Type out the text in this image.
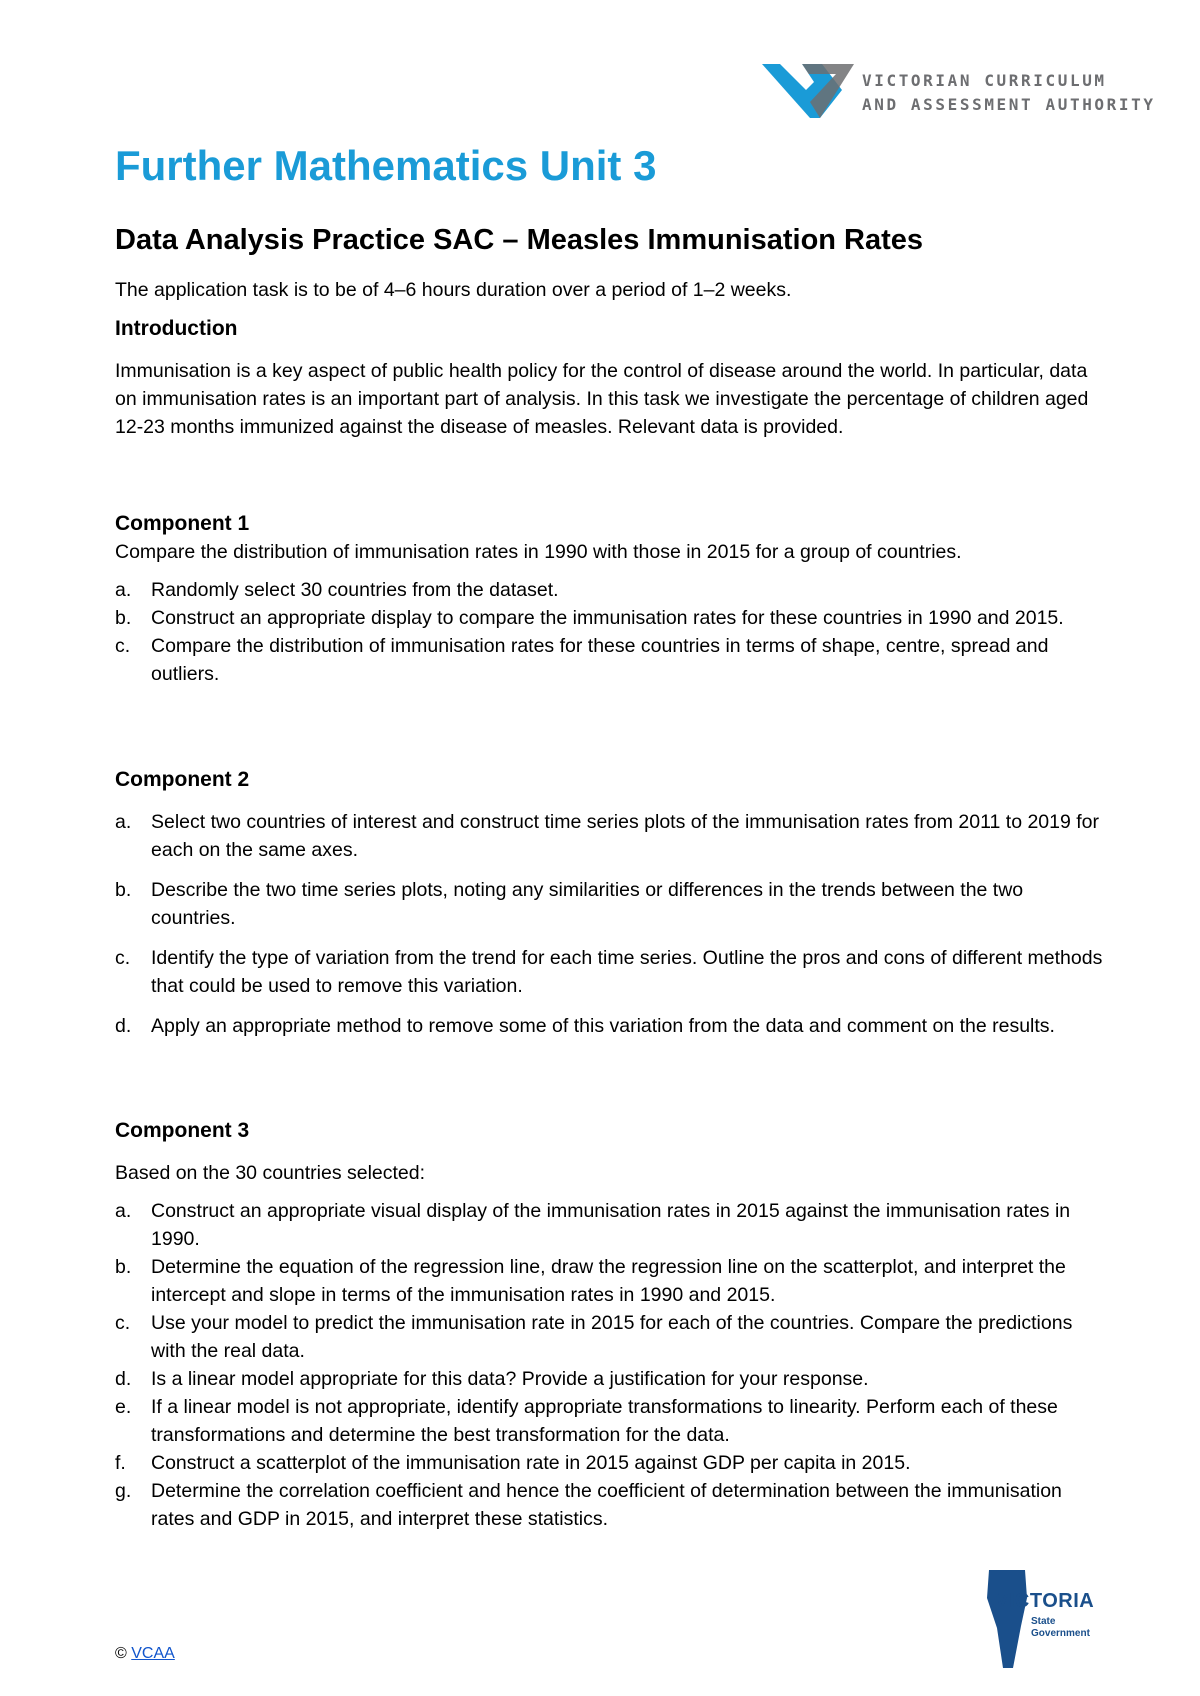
VICTORIAN CURRICULUM
AND ASSESSMENT AUTHORITY
Further Mathematics Unit 3
Data Analysis Practice SAC – Measles Immunisation Rates

The application task is to be of 4–6 hours duration over a period of 1–2 weeks.

Introduction

Immunisation is a key aspect of public health policy for the control of disease around the world. In particular, data on immunisation rates is an important part of analysis. In this task we investigate the percentage of children aged 12-23 months immunized against the disease of measles. Relevant data is provided.

Component 1

Compare the distribution of immunisation rates in 1990 with those in 2015 for a group of countries.

a. Randomly select 30 countries from the dataset.
b. Construct an appropriate display to compare the immunisation rates for these countries in 1990 and 2015.
c. Compare the distribution of immunisation rates for these countries in terms of shape, centre, spread and outliers.

Component 2

a. Select two countries of interest and construct time series plots of the immunisation rates from 2011 to 2019 for each on the same axes.
b. Describe the two time series plots, noting any similarities or differences in the trends between the two countries.
c. Identify the type of variation from the trend for each time series. Outline the pros and cons of different methods that could be used to remove this variation.
d. Apply an appropriate method to remove some of this variation from the data and comment on the results.

Component 3

Based on the 30 countries selected:

a. Construct an appropriate visual display of the immunisation rates in 2015 against the immunisation rates in 1990.
b. Determine the equation of the regression line, draw the regression line on the scatterplot, and interpret the intercept and slope in terms of the immunisation rates in 1990 and 2015.
c. Use your model to predict the immunisation rate in 2015 for each of the countries. Compare the predictions with the real data.
d. Is a linear model appropriate for this data? Provide a justification for your response.
e. If a linear model is not appropriate, identify appropriate transformations to linearity. Perform each of these transformations and determine the best transformation for the data.
f. Construct a scatterplot of the immunisation rate in 2015 against GDP per capita in 2015.
g. Determine the correlation coefficient and hence the coefficient of determination between the immunisation rates and GDP in 2015, and interpret these statistics.
© VCAA
VICTORIA
State
Government
